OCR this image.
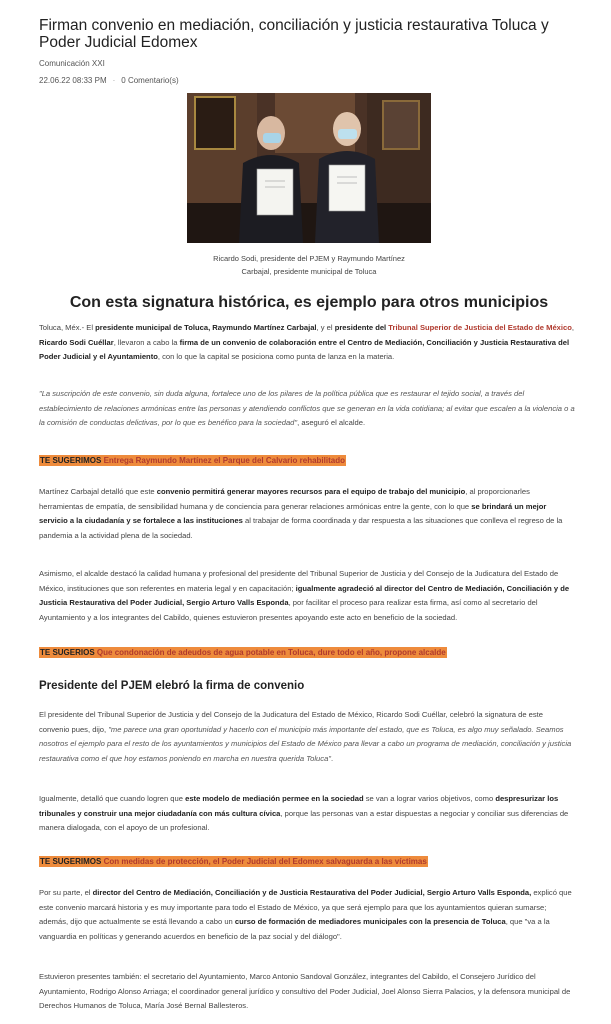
Firman convenio en mediación, conciliación y justicia restaurativa Toluca y Poder Judicial Edomex
Comunicación XXI
22.06.22 08:33 PM · 0 Comentario(s)
Ricardo Sodi, presidente del PJEM y Raymundo Martínez
Carbajal, presidente municipal de Toluca
Con esta signatura histórica, es ejemplo para otros municipios

Toluca, Méx.- El presidente municipal de Toluca, Raymundo Martínez Carbajal, y el presidente del Tribunal Superior de Justicia del Estado de México, Ricardo Sodi Cuéllar, llevaron a cabo la firma de un convenio de colaboración entre el Centro de Mediación, Conciliación y Justicia Restaurativa del Poder Judicial y el Ayuntamiento, con lo que la capital se posiciona como punta de lanza en la materia.

"La suscripción de este convenio, sin duda alguna, fortalece uno de los pilares de la política pública que es restaurar el tejido social, a través del establecimiento de relaciones armónicas entre las personas y atendiendo conflictos que se generan en la vida cotidiana; al evitar que escalen a la violencia o a la comisión de conductas delictivas, por lo que es benéfico para la sociedad", aseguró el alcalde.

TE SUGERIMOS Entrega Raymundo Martínez el Parque del Calvario rehabilitado

Martínez Carbajal detalló que este convenio permitirá generar mayores recursos para el equipo de trabajo del municipio, al proporcionarles herramientas de empatía, de sensibilidad humana y de conciencia para generar relaciones armónicas entre la gente, con lo que se brindará un mejor servicio a la ciudadanía y se fortalece a las instituciones al trabajar de forma coordinada y dar respuesta a las situaciones que conlleva el regreso de la pandemia a la actividad plena de la sociedad.

Asimismo, el alcalde destacó la calidad humana y profesional del presidente del Tribunal Superior de Justicia y del Consejo de la Judicatura del Estado de México, instituciones que son referentes en materia legal y en capacitación; igualmente agradeció al director del Centro de Mediación, Conciliación y de Justicia Restaurativa del Poder Judicial, Sergio Arturo Valls Esponda, por facilitar el proceso para realizar esta firma, así como al secretario del Ayuntamiento y a los integrantes del Cabildo, quienes estuvieron presentes apoyando este acto en beneficio de la sociedad.

TE SUGERIOS Que condonación de adeudos de agua potable en Toluca, dure todo el año, propone alcalde
Presidente del PJEM elebró la firma de convenio

El presidente del Tribunal Superior de Justicia y del Consejo de la Judicatura del Estado de México, Ricardo Sodi Cuéllar, celebró la signatura de este convenio pues, dijo, "me parece una gran oportunidad y hacerlo con el municipio más importante del estado, que es Toluca, es algo muy señalado. Seamos nosotros el ejemplo para el resto de los ayuntamientos y municipios del Estado de México para llevar a cabo un programa de mediación, conciliación y justicia restaurativa como el que hoy estamos poniendo en marcha en nuestra querida Toluca".

Igualmente, detalló que cuando logren que este modelo de mediación permee en la sociedad se van a lograr varios objetivos, como despresurizar los tribunales y construir una mejor ciudadanía con más cultura cívica, porque las personas van a estar dispuestas a negociar y conciliar sus diferencias de manera dialogada, con el apoyo de un profesional.

TE SUGERIMOS Con medidas de protección, el Poder Judicial del Edomex salvaguarda a las víctimas

Por su parte, el director del Centro de Mediación, Conciliación y de Justicia Restaurativa del Poder Judicial, Sergio Arturo Valls Esponda, explicó que este convenio marcará historia y es muy importante para todo el Estado de México, ya que será ejemplo para que los ayuntamientos quieran sumarse; además, dijo que actualmente se está llevando a cabo un curso de formación de mediadores municipales con la presencia de Toluca, que "va a la vanguardia en políticas y generando acuerdos en beneficio de la paz social y del diálogo".

Estuvieron presentes también: el secretario del Ayuntamiento, Marco Antonio Sandoval González, integrantes del Cabildo, el Consejero Jurídico del Ayuntamiento, Rodrigo Alonso Arriaga; el coordinador general jurídico y consultivo del Poder Judicial, Joel Alonso Sierra Palacios, y la defensora municipal de Derechos Humanos de Toluca, María José Bernal Ballesteros.
